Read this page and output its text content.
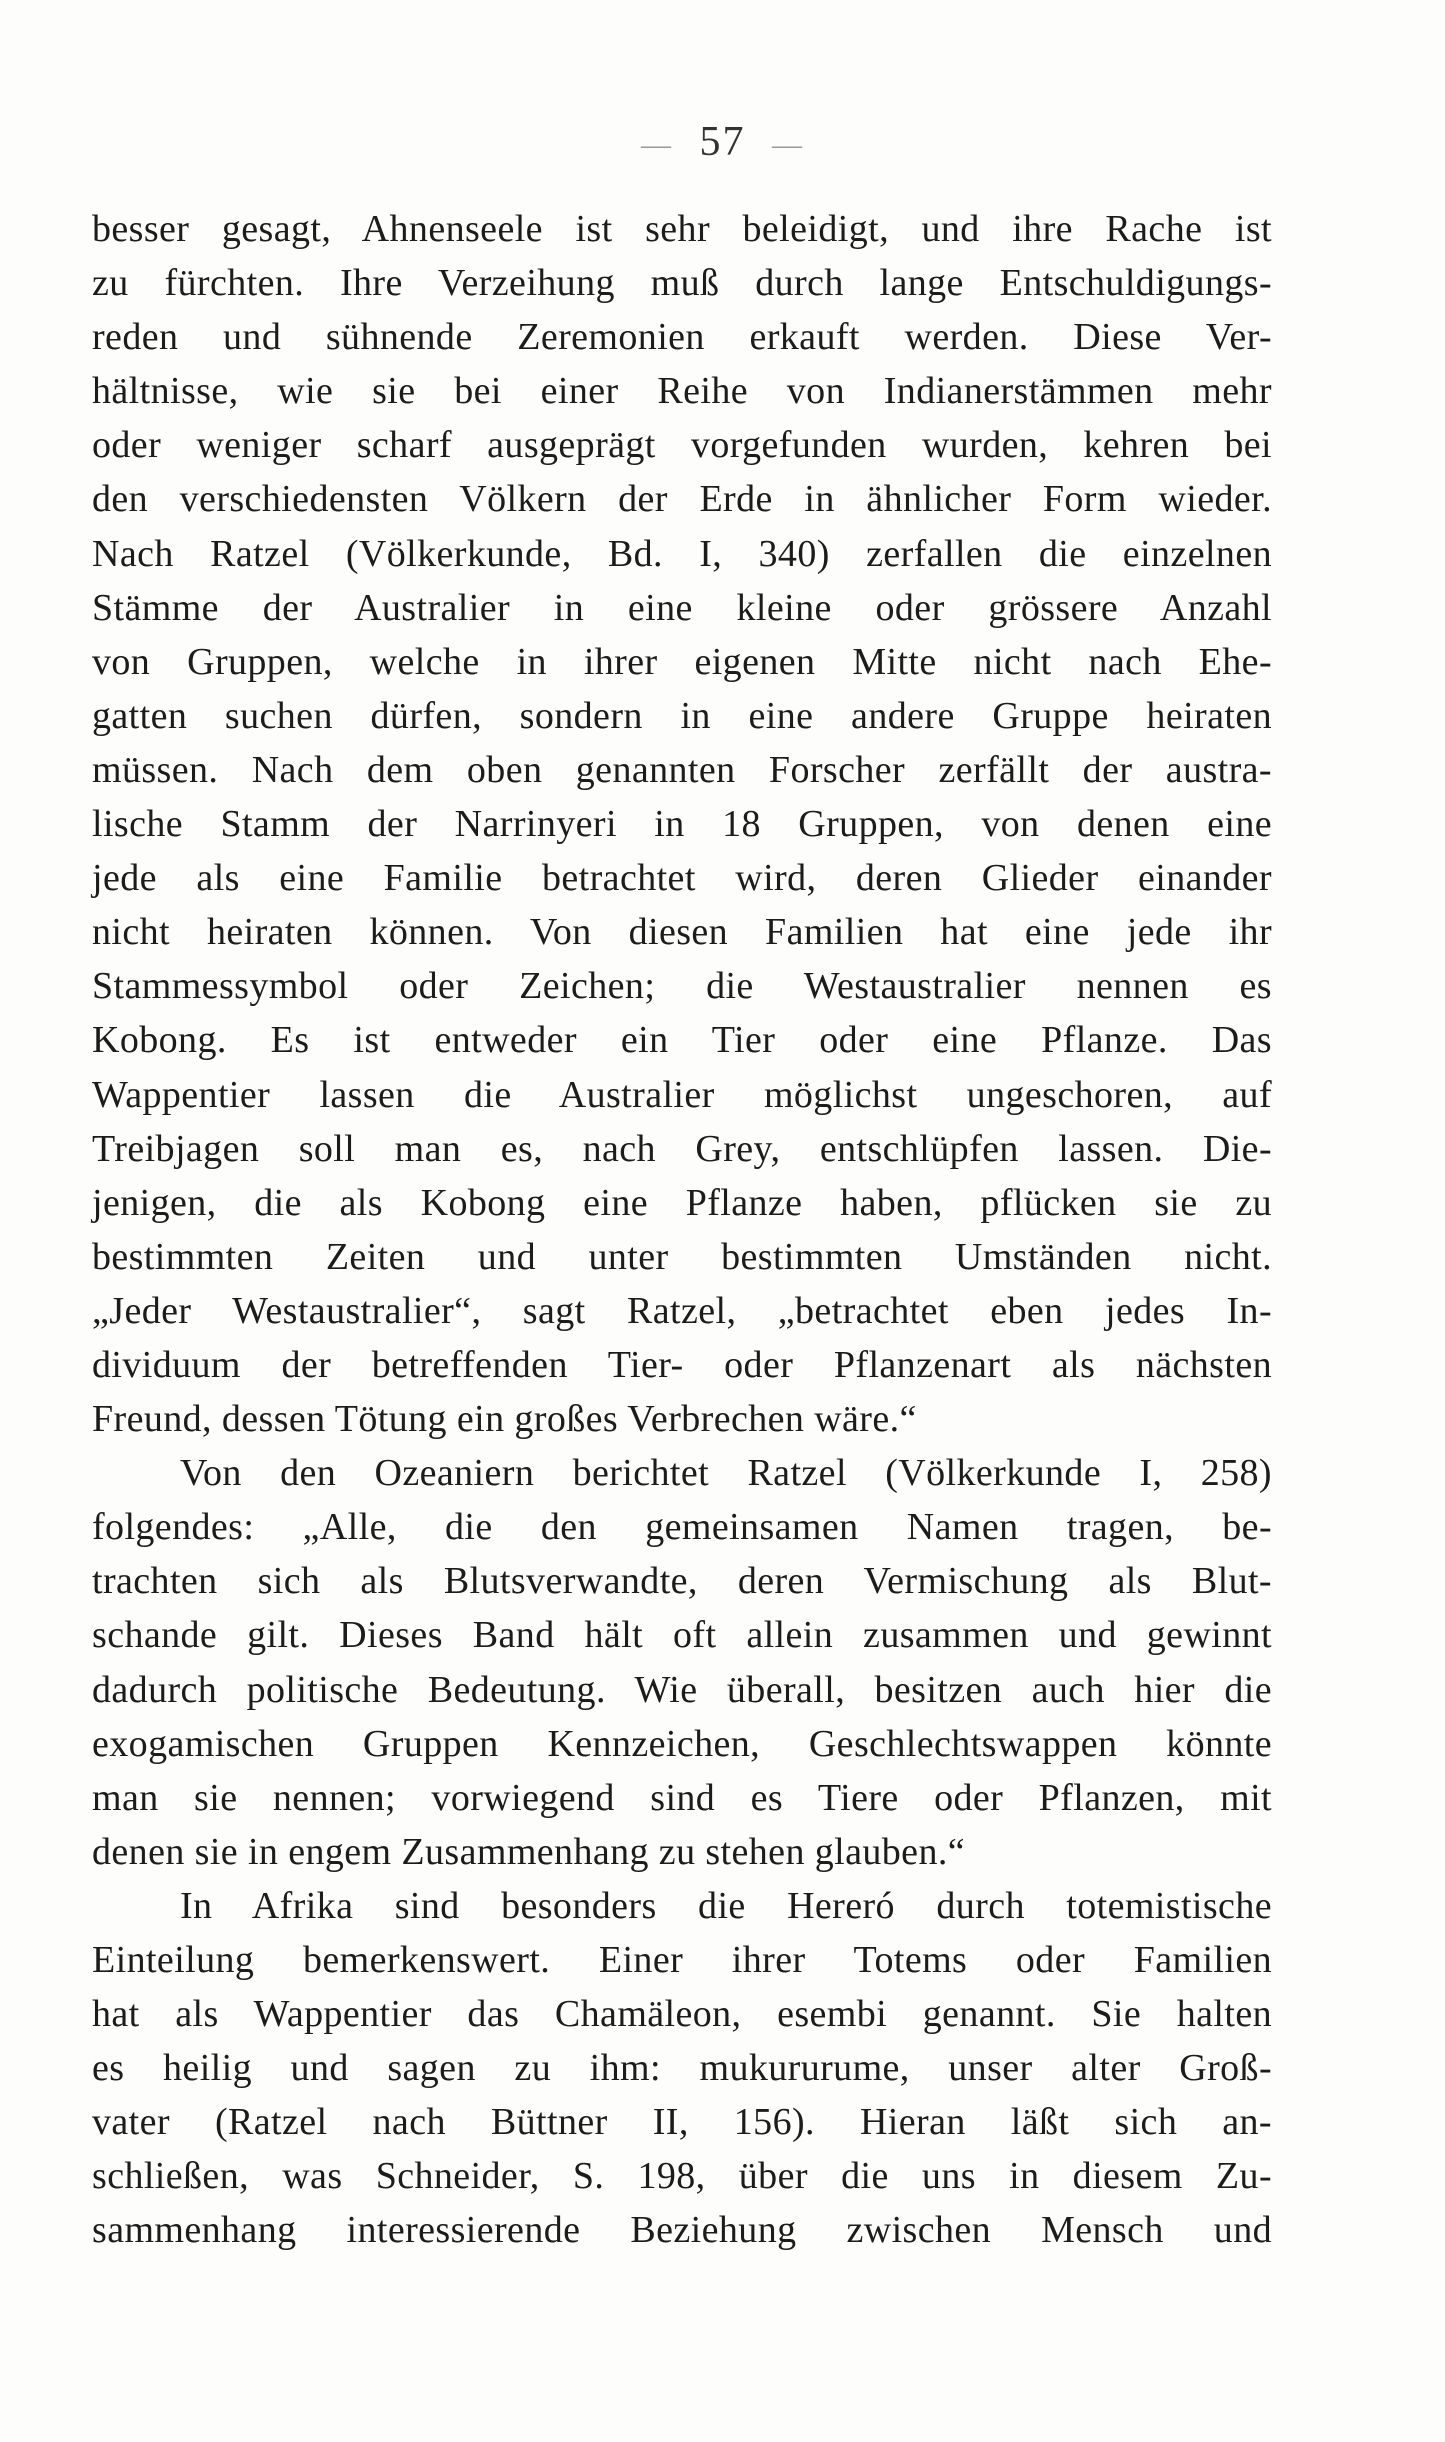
— 57 —
besser gesagt, Ahnenseele ist sehr beleidigt, und ihre Rache ist
zu fürchten. Ihre Verzeihung muß durch lange Entschuldigungs-
reden und sühnende Zeremonien erkauft werden. Diese Ver-
hältnisse, wie sie bei einer Reihe von Indianerstämmen mehr
oder weniger scharf ausgeprägt vorgefunden wurden, kehren bei
den verschiedensten Völkern der Erde in ähnlicher Form wieder.
Nach Ratzel (Völkerkunde, Bd. I, 340) zerfallen die einzelnen
Stämme der Australier in eine kleine oder grössere Anzahl
von Gruppen, welche in ihrer eigenen Mitte nicht nach Ehe-
gatten suchen dürfen, sondern in eine andere Gruppe heiraten
müssen. Nach dem oben genannten Forscher zerfällt der austra-
lische Stamm der Narrinyeri in 18 Gruppen, von denen eine
jede als eine Familie betrachtet wird, deren Glieder einander
nicht heiraten können. Von diesen Familien hat eine jede ihr
Stammessymbol oder Zeichen; die Westaustralier nennen es
Kobong. Es ist entweder ein Tier oder eine Pflanze. Das
Wappentier lassen die Australier möglichst ungeschoren, auf
Treibjagen soll man es, nach Grey, entschlüpfen lassen. Die-
jenigen, die als Kobong eine Pflanze haben, pflücken sie zu
bestimmten Zeiten und unter bestimmten Umständen nicht.
„Jeder Westaustralier“, sagt Ratzel, „betrachtet eben jedes In-
dividuum der betreffenden Tier- oder Pflanzenart als nächsten
Freund, dessen Tötung ein großes Verbrechen wäre.“
Von den Ozeaniern berichtet Ratzel (Völkerkunde I, 258)
folgendes: „Alle, die den gemeinsamen Namen tragen, be-
trachten sich als Blutsverwandte, deren Vermischung als Blut-
schande gilt. Dieses Band hält oft allein zusammen und gewinnt
dadurch politische Bedeutung. Wie überall, besitzen auch hier die
exogamischen Gruppen Kennzeichen, Geschlechtswappen könnte
man sie nennen; vorwiegend sind es Tiere oder Pflanzen, mit
denen sie in engem Zusammenhang zu stehen glauben.“
In Afrika sind besonders die Hereró durch totemistische
Einteilung bemerkenswert. Einer ihrer Totems oder Familien
hat als Wappentier das Chamäleon, esembi genannt. Sie halten
es heilig und sagen zu ihm: mukururume, unser alter Groß-
vater (Ratzel nach Büttner II, 156). Hieran läßt sich an-
schließen, was Schneider, S. 198, über die uns in diesem Zu-
sammenhang interessierende Beziehung zwischen Mensch und
